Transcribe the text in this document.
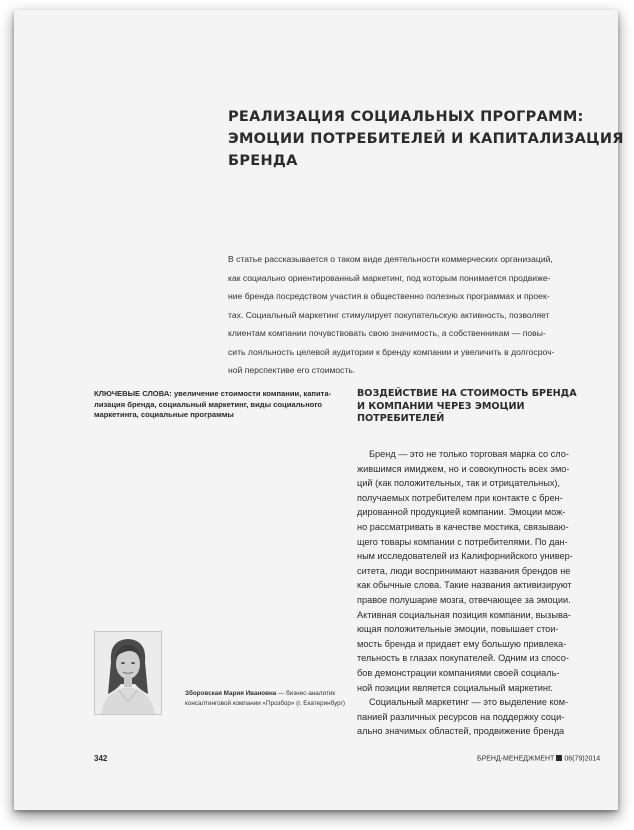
РЕАЛИЗАЦИЯ СОЦИАЛЬНЫХ ПРОГРАММ:
ЭМОЦИИ ПОТРЕБИТЕЛЕЙ И КАПИТАЛИЗАЦИЯ
БРЕНДА
В статье рассказывается о таком виде деятельности коммерческих организаций,
как социально ориентированный маркетинг, под которым понимается продвиже-
ние бренда посредством участия в общественно полезных программах и проек-
тах. Социальный маркетинг стимулирует покупательскую активность, позволяет
клиентам компании почувствовать свою значимость, а собственникам — повы-
сить лояльность целевой аудитории к бренду компании и увеличить в долгосроч-
ной перспективе его стоимость.
КЛЮЧЕВЫЕ СЛОВА: увеличение стоимости компании, капита-
лизация бренда, социальный маркетинг, виды социального
маркетинга, социальные программы
ВОЗДЕЙСТВИЕ НА СТОИМОСТЬ БРЕНДА
И КОМПАНИИ ЧЕРЕЗ ЭМОЦИИ
ПОТРЕБИТЕЛЕЙ
Бренд — это не только торговая марка со сло-
жившимся имиджем, но и совокупность всех эмо-
ций (как положительных, так и отрицательных),
получаемых потребителем при контакте с брен-
дированной продукцией компании. Эмоции мож-
но рассматривать в качестве мостика, связываю-
щего товары компании с потребителями. По дан-
ным исследователей из Калифорнийского универ-
ситета, люди воспринимают названия брендов не
как обычные слова. Такие названия активизируют
правое полушарие мозга, отвечающее за эмоции.
Активная социальная позиция компании, вызыва-
ющая положительные эмоции, повышает стои-
мость бренда и придает ему большую привлека-
тельность в глазах покупателей. Одним из спосо-
бов демонстрации компаниями своей социаль-
ной позиции является социальный маркетинг.
Социальный маркетинг — это выделение ком-
панией различных ресурсов на поддержку соци-
ально значимых областей, продвижение бренда
Зборовская Мария Ивановна — бизнес-аналитик
консалтинговой компании «Прозбор» (г. Екатеринбург)
342	БРЕНД-МЕНЕДЖМЕНТ 06(79)2014
